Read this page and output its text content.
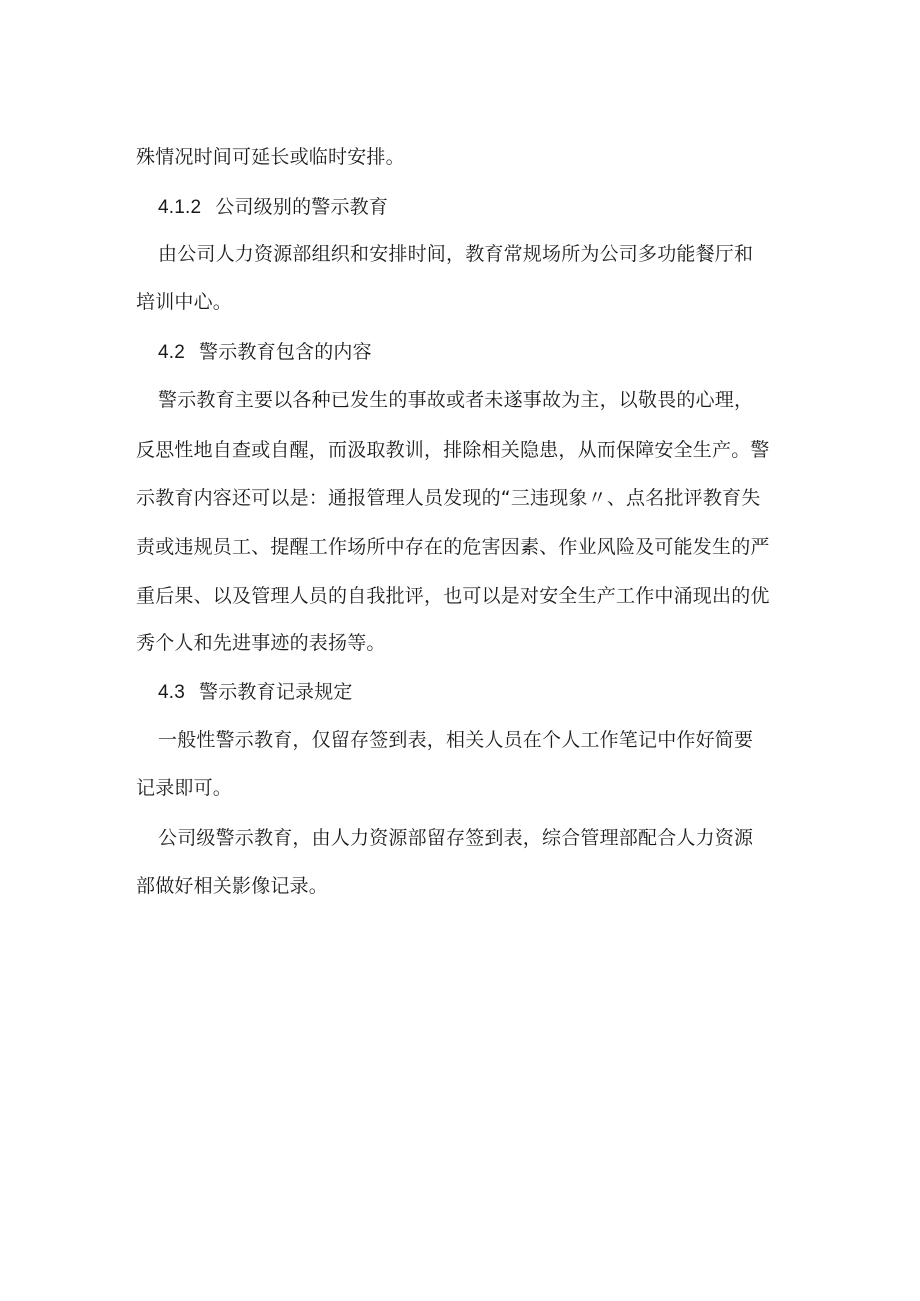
殊情况时间可延长或临时安排。
4.1.2 公司级别的警示教育
由公司人力资源部组织和安排时间，教育常规场所为公司多功能餐厅和
培训中心。
4.2 警示教育包含的内容
警示教育主要以各种已发生的事故或者未遂事故为主，以敬畏的心理，
反思性地自查或自醒，而汲取教训，排除相关隐患，从而保障安全生产。警
示教育内容还可以是：通报管理人员发现的“三违现象〃、点名批评教育失
责或违规员工、提醒工作场所中存在的危害因素、作业风险及可能发生的严
重后果、以及管理人员的自我批评，也可以是对安全生产工作中涌现出的优
秀个人和先进事迹的表扬等。
4.3 警示教育记录规定
一般性警示教育，仅留存签到表，相关人员在个人工作笔记中作好简要
记录即可。
公司级警示教育，由人力资源部留存签到表，综合管理部配合人力资源
部做好相关影像记录。
